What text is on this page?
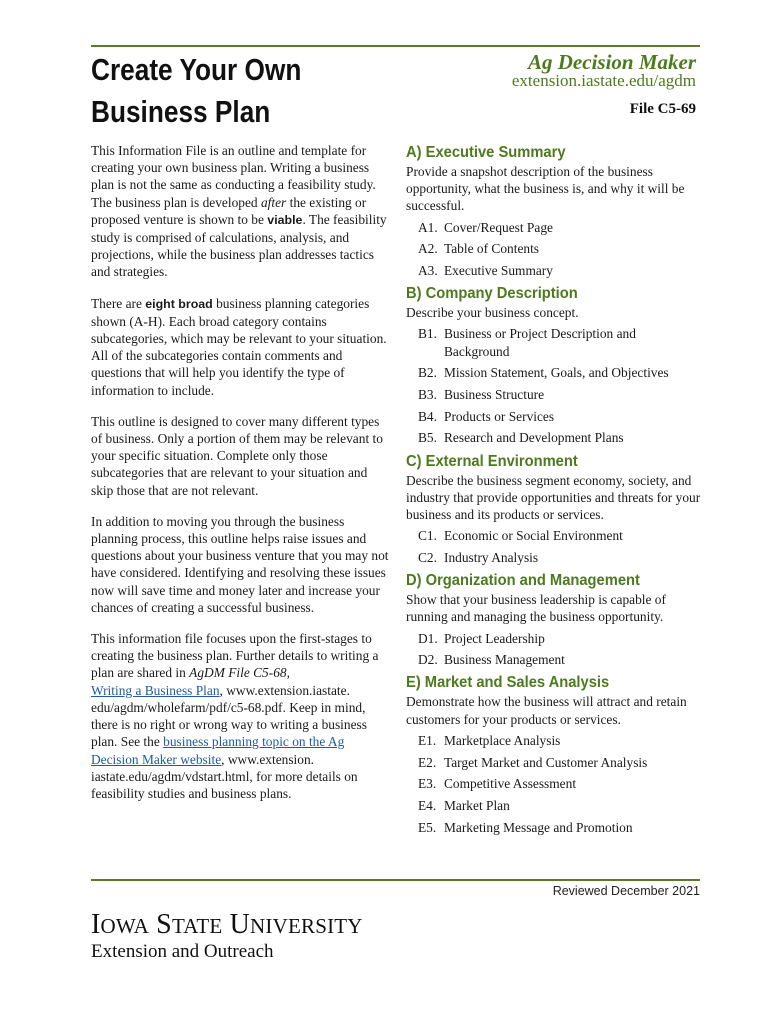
Create Your Own
Business Plan
Ag Decision Maker
extension.iastate.edu/agdm
File C5-69

This Information File is an outline and template for creating your own business plan. Writing a business plan is not the same as conducting a feasibility study. The business plan is developed after the existing or proposed venture is shown to be viable. The feasibility study is comprised of calculations, analysis, and projections, while the business plan addresses tactics and strategies.

There are eight broad business planning categories shown (A-H). Each broad category contains subcategories, which may be relevant to your situation. All of the subcategories contain comments and questions that will help you identify the type of information to include.

This outline is designed to cover many different types of business. Only a portion of them may be relevant to your specific situation. Complete only those subcategories that are relevant to your situation and skip those that are not relevant.

In addition to moving you through the business planning process, this outline helps raise issues and questions about your business venture that you may not have considered. Identifying and resolving these issues now will save time and money later and increase your chances of creating a successful business.

This information file focuses upon the first-stages to creating the business plan. Further details to writing a plan are shared in AgDM File C5-68,
Writing a Business Plan, www.extension.iastate. edu/agdm/wholefarm/pdf/c5-68.pdf. Keep in mind, there is no right or wrong way to writing a business plan. See the business planning topic on the Ag Decision Maker website, www.extension. iastate.edu/agdm/vdstart.html, for more details on feasibility studies and business plans.

A) Executive Summary

Provide a snapshot description of the business opportunity, what the business is, and why it will be successful.

A1. Cover/Request Page
A2. Table of Contents
A3. Executive Summary
B) Company Description

Describe your business concept.

B1. Business or Project Description and Background
B2. Mission Statement, Goals, and Objectives
B3. Business Structure
B4. Products or Services
B5. Research and Development Plans
C) External Environment

Describe the business segment economy, society, and industry that provide opportunities and threats for your business and its products or services.

C1. Economic or Social Environment
C2. Industry Analysis
D) Organization and Management

Show that your business leadership is capable of running and managing the business opportunity.

D1. Project Leadership
D2. Business Management
E) Market and Sales Analysis

Demonstrate how the business will attract and retain customers for your products or services.

E1. Marketplace Analysis
E2. Target Market and Customer Analysis
E3. Competitive Assessment
E4. Market Plan
E5. Marketing Message and Promotion
Reviewed December 2021
IOWA STATE UNIVERSITY
Extension and Outreach
